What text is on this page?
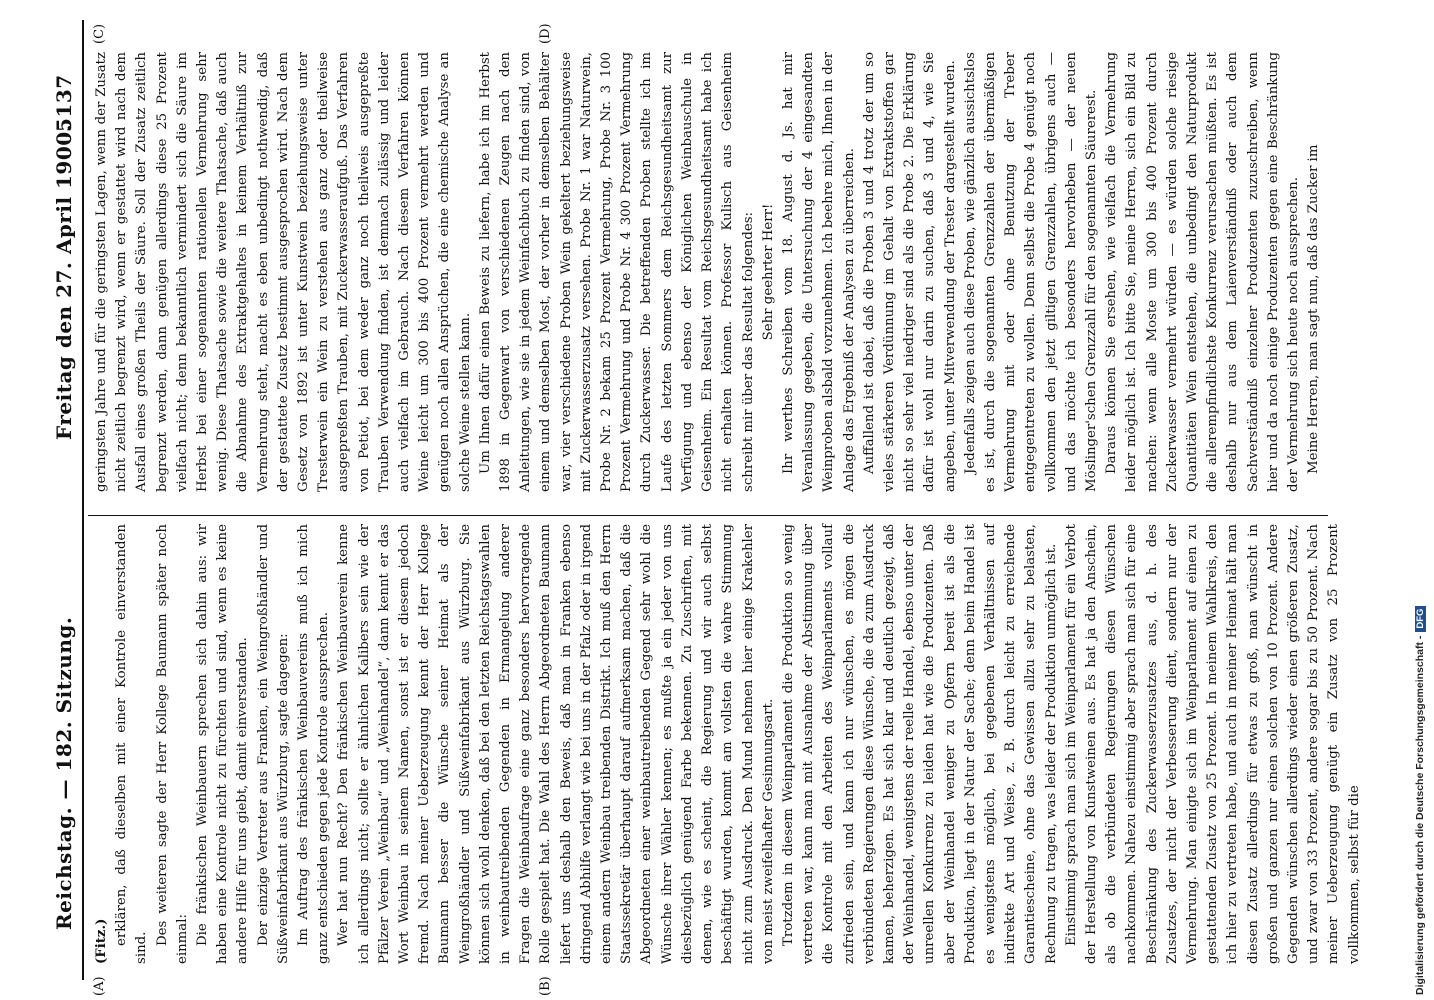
Reichstag. — 182. Sitzung.
Freitag den 27. April 1900.
5137
(A)	(B)
(C)	(D)

(Fitz.) erklären, daß dieselben mit einer Kontrole einverstanden sind.

Des weiteren sagte der Herr Kollege Baumann später noch einmal: Die fränkischen Weinbauern sprechen sich dahin aus: wir haben eine Kontrole nicht zu fürchten und sind, wenn es keine andere Hilfe für uns giebt, damit einverstanden. Der einzige Vertreter aus Franken, ein Weingroßhändler und Süßweinfabrikant aus Würzburg, sagte dagegen: Im Auftrag des fränkischen Weinbauvereins muß ich mich ganz entschieden gegen jede Kontrole aussprechen. Wer hat nun Recht? Den fränkischen Weinbauverein kenne ich allerdings nicht; sollte er ähnlichen Kalibers sein wie der Pfälzer Verein „Weinbau“ und „Weinhandel“, dann kennt er das Wort Weinbau in seinem Namen, sonst ist er diesem jedoch fremd. Nach meiner Ueberzeugung kennt der Herr Kollege Baumann besser die Wünsche seiner Heimat als der Weingroßhändler und Süßweinfabrikant aus Würzburg. Sie können sich wohl denken, daß bei den letzten Reichstagswahlen in weinbautreibenden Gegenden in Ermangelung anderer Fragen die Weinbaufrage eine ganz besonders hervorragende Rolle gespielt hat. Die Wahl des Herrn Abgeordneten Baumann liefert uns deshalb den Beweis, daß man in Franken ebenso dringend Abhilfe verlangt wie bei uns in der Pfalz oder in irgend einem andern Weinbau treibenden Distrikt. Ich muß den Herrn Staatssekretär überhaupt darauf aufmerksam machen, daß die Abgeordneten einer weinbautreibenden Gegend sehr wohl die Wünsche ihrer Wähler kennen; es mußte ja ein jeder von uns diesbezüglich genügend Farbe bekennen. Zu Zuschriften, mit denen, wie es scheint, die Regierung und wir auch selbst beschäftigt wurden, kommt am vollsten die wahre Stimmung nicht zum Ausdruck. Den Mund nehmen hier einige Krakehler von meist zweifelhafter Gesinnungsart. Trotzdem in diesem Weinparlament die Produktion so wenig vertreten war, kann man mit Ausnahme der Abstimmung über die Kontrole mit den Arbeiten des Weinparlaments vollauf zufrieden sein, und kann ich nur wünschen, es mögen die verbündeten Regierungen diese Wünsche, die da zum Ausdruck kamen, beherzigen. Es hat sich klar und deutlich gezeigt, daß der Weinhandel, wenigstens der reelle Handel, ebenso unter der unreellen Konkurrenz zu leiden hat wie die Produzenten. Daß aber der Weinhandel weniger zu Opfern bereit ist als die Produktion, liegt in der Natur der Sache; denn beim Handel ist es wenigstens möglich, bei gegebenen Verhältnissen auf indirekte Art und Weise, z. B. durch leicht zu erreichende Garantiescheine, ohne das Gewissen allzu sehr zu belasten, Rechnung zu tragen, was leider der Produktion unmöglich ist. Einstimmig sprach man sich im Weinparlament für ein Verbot der Herstellung von Kunstweinen aus. Es hat ja den Anschein, als ob die verbündeten Regierungen diesen Wünschen nachkommen. Nahezu einstimmig aber sprach man sich für eine Beschränkung des Zuckerwasserzusatzes aus, d. h. des Zusatzes, der nicht der Verbesserung dient, sondern nur der Vermehrung. Man einigte sich im Weinparlament auf einen zu gestattenden Zusatz von 25 Prozent. In meinem Wahlkreis, den ich hier zu vertreten habe, und auch in meiner Heimat hält man diesen Zusatz allerdings für etwas zu groß, man wünscht in großen und ganzen nur einen solchen von 10 Prozent. Andere Gegenden wünschen allerdings wieder einen größeren Zusatz, und zwar von 33 Prozent, andere sogar bis zu 50 Prozent. Nach meiner Ueberzeugung genügt ein Zusatz von 25 Prozent vollkommen, selbst für die

geringsten Jahre und für die geringsten Lagen, wenn der Zusatz nicht zeitlich begrenzt wird, wenn er gestattet wird nach dem Ausfall eines großen Theils der Säure. Soll der Zusatz zeitlich begrenzt werden, dann genügen allerdings diese 25 Prozent vielfach nicht; denn bekanntlich vermindert sich die Säure im Herbst bei einer sogenannten rationellen Vermehrung sehr wenig. Diese Thatsache sowie die weitere Thatsache, daß auch die Abnahme des Extraktgehaltes in keinem Verhältniß zur Vermehrung steht, macht es eben unbedingt nothwendig, daß der gestattete Zusatz bestimmt ausgesprochen wird. Nach dem Gesetz von 1892 ist unter Kunstwein beziehungsweise unter Tresterwein ein Wein zu verstehen aus ganz oder theilweise ausgepreßten Trauben, mit Zuckerwasseraufguß. Das Verfahren von Petiot, bei dem weder ganz noch theilweis ausgepreßte Trauben Verwendung finden, ist demnach zulässig und leider auch vielfach im Gebrauch. Nach diesem Verfahren können Weine leicht um 300 bis 400 Prozent vermehrt werden und genügen noch allen Ansprüchen, die eine chemische Analyse an solche Weine stellen kann. Um Ihnen dafür einen Beweis zu liefern, habe ich im Herbst 1898 in Gegenwart von verschiedenen Zeugen nach den Anleitungen, wie sie in jedem Weinfachbuch zu finden sind, von einem und demselben Most, der vorher in demselben Behälter war, vier verschiedene Proben Wein gekeltert beziehungsweise mit Zuckerwasserzusatz versehen. Probe Nr. 1 war Naturwein, Probe Nr. 2 bekam 25 Prozent Vermehrung, Probe Nr. 3 100 Prozent Vermehrung und Probe Nr. 4 300 Prozent Vermehrung durch Zuckerwasser. Die betreffenden Proben stellte ich im Laufe des letzten Sommers dem Reichsgesundheitsamt zur Verfügung und ebenso der Königlichen Weinbauschule in Geisenheim. Ein Resultat vom Reichsgesundheitsamt habe ich nicht erhalten können. Professor Kulisch aus Geisenheim schreibt mir über das Resultat folgendes: Sehr geehrter Herr! Ihr werthes Schreiben vom 18. August d. Js. hat mir Veranlassung gegeben, die Untersuchung der 4 eingesandten Weinproben alsbald vorzunehmen. Ich beehre mich, Ihnen in der Anlage das Ergebniß der Analysen zu überreichen. Auffallend ist dabei, daß die Proben 3 und 4 trotz der um so vieles stärkeren Verdünnung im Gehalt von Extraktstoffen gar nicht so sehr viel niedriger sind als die Probe 2. Die Erklärung dafür ist wohl nur darin zu suchen, daß 3 und 4, wie Sie angeben, unter Mitverwendung der Trester dargestellt wurden. Jedenfalls zeigen auch diese Proben, wie gänzlich aussichtslos es ist, durch die sogenannten Grenzzahlen der übermäßigen Vermehrung mit oder ohne Benutzung der Treber entgegentreten zu wollen. Denn selbst die Probe 4 genügt noch vollkommen den jetzt giltigen Grenzzahlen, übrigens auch — und das möchte ich besonders hervorheben — der neuen Möslinger'schen Grenzzahl für den sogenannten Säurerest. Daraus können Sie ersehen, wie vielfach die Vermehrung leider möglich ist. Ich bitte Sie, meine Herren, sich ein Bild zu machen: wenn alle Moste um 300 bis 400 Prozent durch Zuckerwasser vermehrt würden — es würden solche riesige Quantitäten Wein entstehen, die unbedingt den Naturprodukt die allerempfindlichste Konkurrenz verursachen müßten. Es ist deshalb nur aus dem Laienverständniß oder auch dem Sachverständniß einzelner Produzenten zuzuschreiben, wenn hier und da noch einige Produzenten gegen eine Beschränkung der Vermehrung sich heute noch aussprechen. Meine Herren, man sagt nun, daß das Zucker im

Digitalisierung gefördert durch die Deutsche Forschungsgemeinschaft -DFG
